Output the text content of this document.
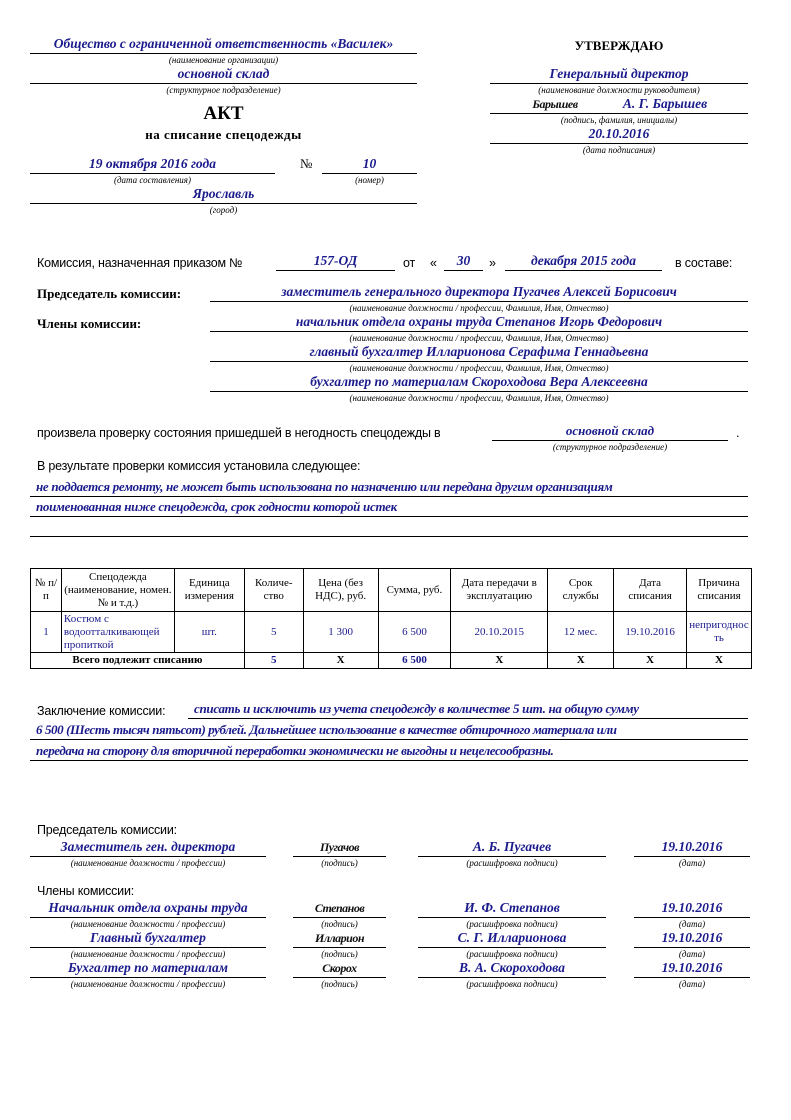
Общество с ограниченной ответственность «Василек»
(наименование организации)
основной склад
(структурное подразделение)
АКТ
на списание спецодежды
19 октября 2016 года
(дата составления)
№	10
(номер)
Ярославль
(город)
УТВЕРЖДАЮ
Генеральный директор
(наименование должности руководителя)
Барышев	А. Г. Барышев
(подпись, фамилия, инициалы)
20.10.2016
(дата подписания)
Комиссия, назначенная приказом №	157-ОД	от «	30	»	декабря 2015 года	в составе:
Председатель комиссии:	заместитель генерального директора Пугачев Алексей Борисович
(наименование должности / профессии, Фамилия, Имя, Отчество)
Члены комиссии:	начальник отдела охраны труда Степанов Игорь Федорович
(наименование должности / профессии, Фамилия, Имя, Отчество)
главный бухгалтер Илларионова Серафима Геннадьевна
(наименование должности / профессии, Фамилия, Имя, Отчество)
бухгалтер по материалам Скороходова Вера Алексеевна
(наименование должности / профессии, Фамилия, Имя, Отчество)
произвела проверку состояния пришедшей в негодность спецодежды в	основной склад	.
(структурное подразделение)
В результате проверки комиссия установила следующее:
не поддается ремонту, не может быть использована по назначению или передана другим организациям
поименованная ниже спецодежда, срок годности которой истек
№ п/п	Спецодежда (наименование, номен. № и т.д.)	Единица измерения	Количе-ство	Цена (без НДС), руб.	Сумма, руб.	Дата передачи в эксплуатацию	Срок службы	Дата списания	Причина списания
1	Костюм с водоотталкивающей пропиткой	шт.	5	1 300	6 500	20.10.2015	12 мес.	19.10.2016	непригодность
Всего подлежит списанию			5	X	6 500	X	X	X	X
Заключение комиссии:	списать и исключить из учета спецодежду в количестве 5 шт. на общую сумму
6 500 (Шесть тысяч пятьсот) рублей. Дальнейшее использование в качестве обтирочного материала или
передача на сторону для вторичной переработки экономически не выгодны и нецелесообразны.
Председатель комиссии:
Заместитель ген. директора	Пугачов	А. Б. Пугачев	19.10.2016
(наименование должности / профессии)	(подпись)	(расшифровка подписи)	(дата)
Члены комиссии:
Начальник отдела охраны труда	Степанов	И. Ф. Степанов	19.10.2016
(наименование должности / профессии)	(подпись)	(расшифровка подписи)	(дата)
Главный бухгалтер	Илларион	С. Г. Илларионова	19.10.2016
(наименование должности / профессии)	(подпись)	(расшифровка подписи)	(дата)
Бухгалтер по материалам	Скорох	В. А. Скороходова	19.10.2016
(наименование должности / профессии)	(подпись)	(расшифровка подписи)	(дата)
